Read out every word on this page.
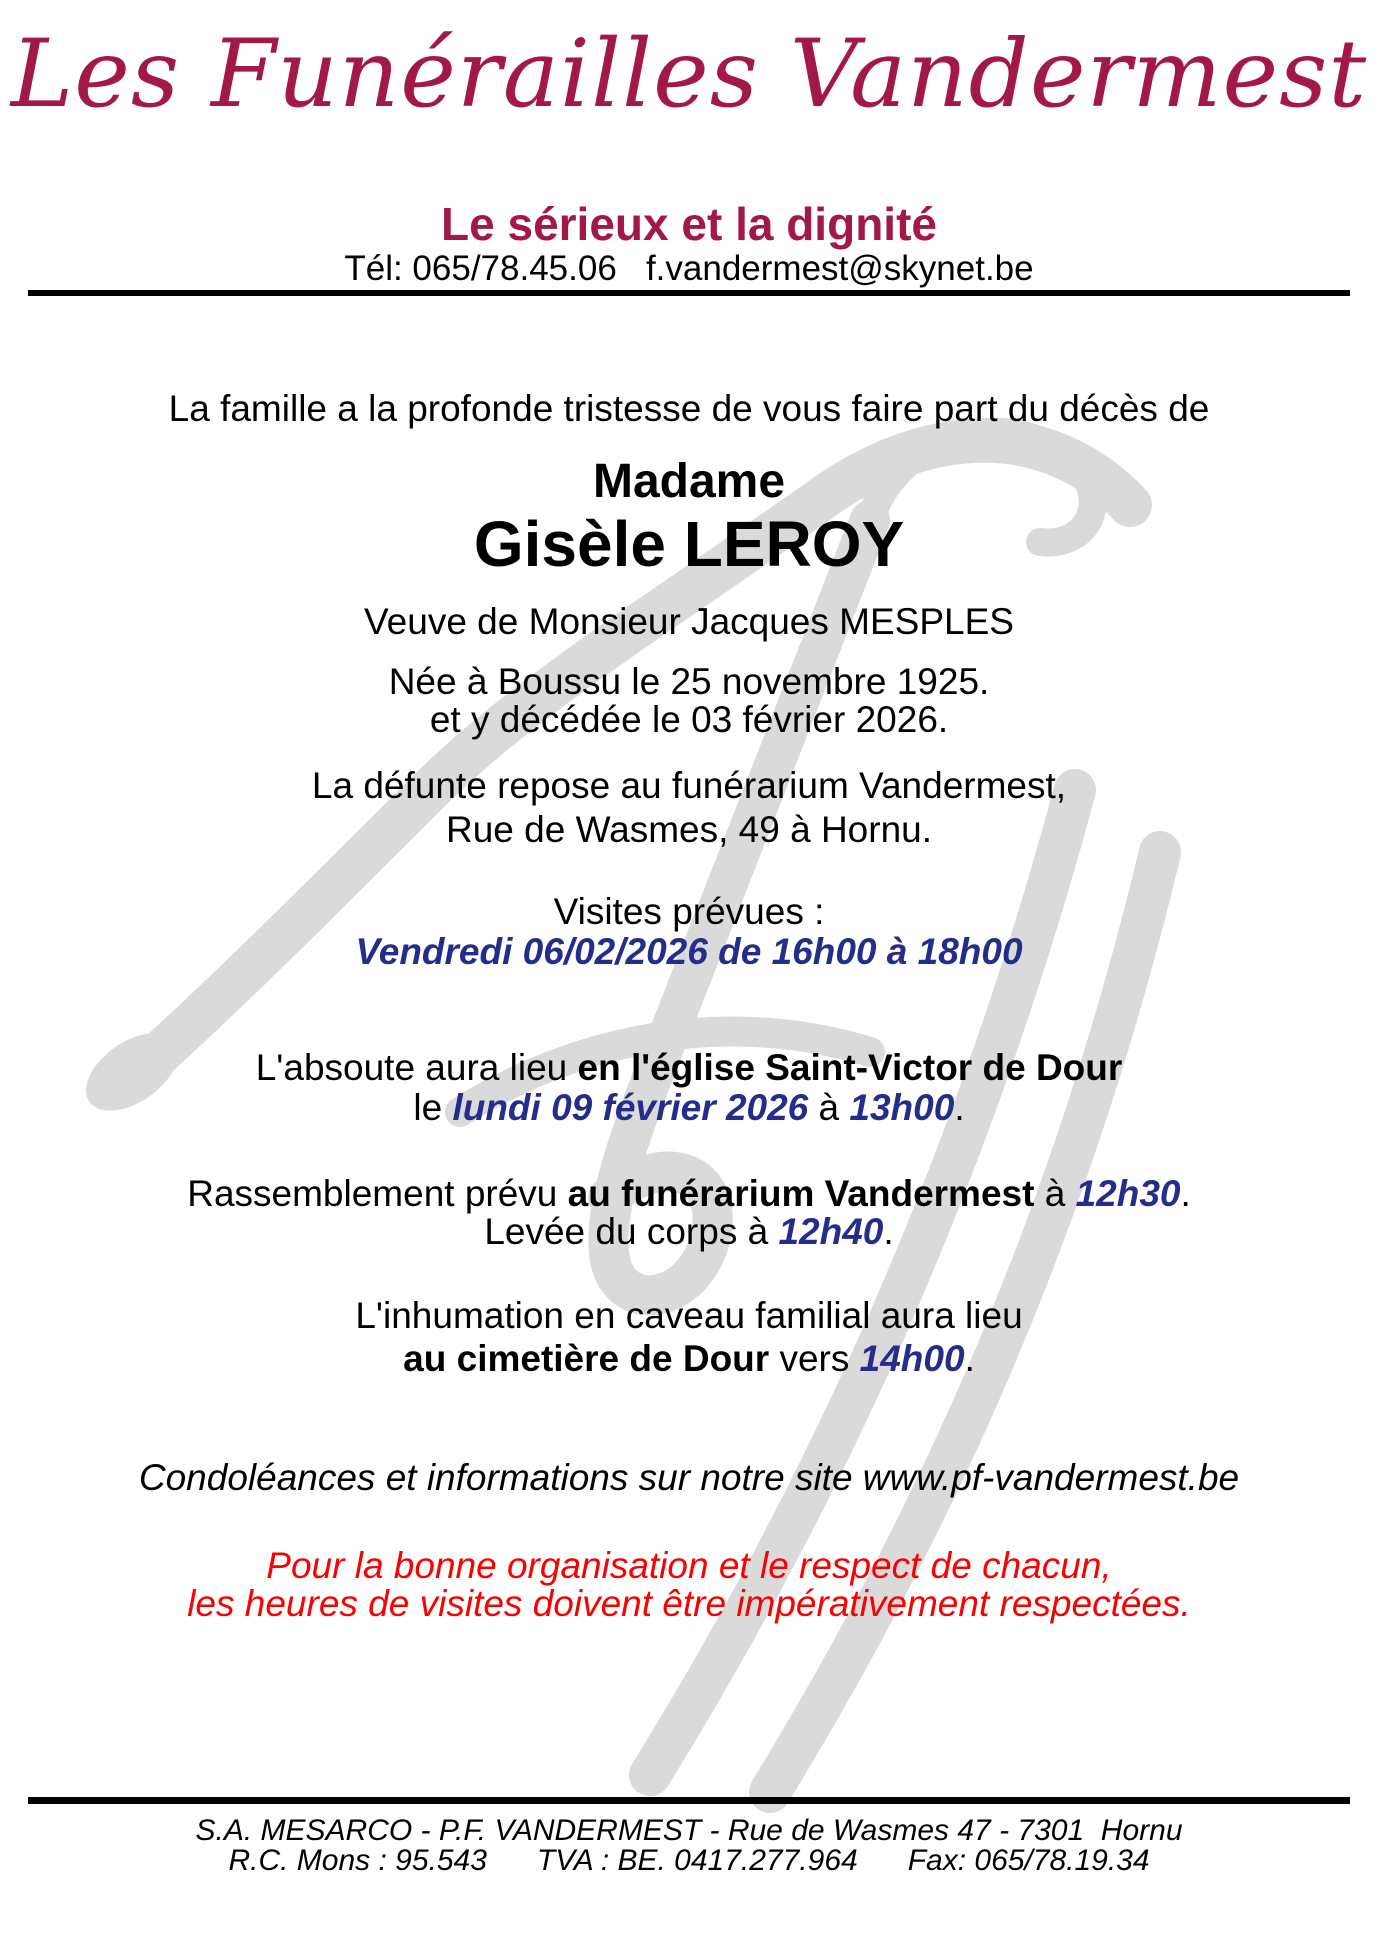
Les Funérailles Vandermest
Le sérieux et la dignité
Tél: 065/78.45.06   f.vandermest@skynet.be
La famille a la profonde tristesse de vous faire part du décès de
Madame
Gisèle LEROY
Veuve de Monsieur Jacques MESPLES
Née à Boussu le 25 novembre 1925.
et y décédée le 03 février 2026.
La défunte repose au funérarium Vandermest,
Rue de Wasmes, 49 à Hornu.
Visites prévues :
Vendredi 06/02/2026 de 16h00 à 18h00
L'absoute aura lieu en l'église Saint-Victor de Dour
le lundi 09 février 2026 à 13h00.
Rassemblement prévu au funérarium Vandermest à 12h30.
Levée du corps à 12h40.
L'inhumation en caveau familial aura lieu
au cimetière de Dour vers 14h00.
Condoléances et informations sur notre site www.pf-vandermest.be
Pour la bonne organisation et le respect de chacun,
les heures de visites doivent être impérativement respectées.
S.A. MESARCO - P.F. VANDERMEST - Rue de Wasmes 47 - 7301  Hornu
R.C. Mons : 95.543      TVA : BE. 0417.277.964      Fax: 065/78.19.34
